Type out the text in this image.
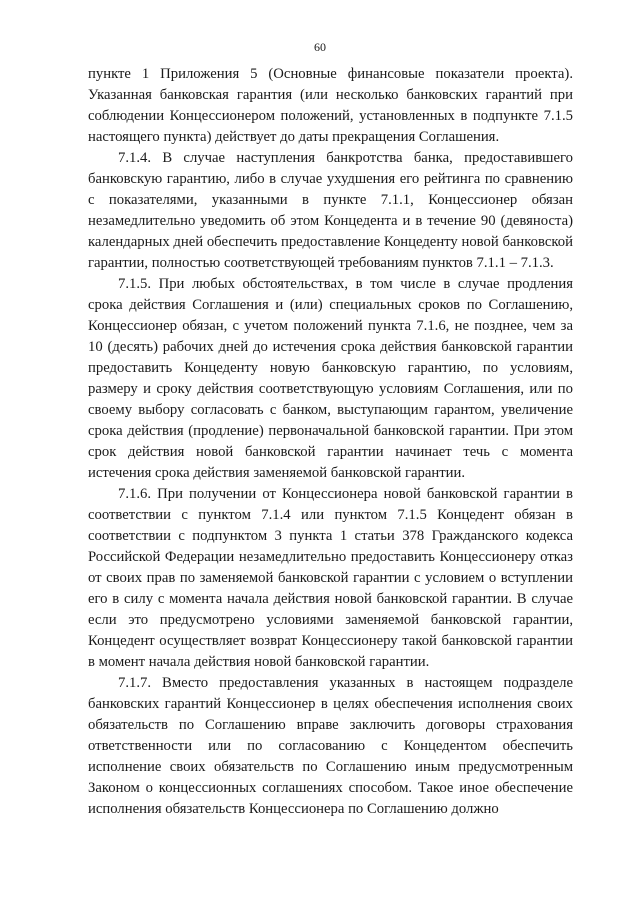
60

пункте 1 Приложения 5 (Основные финансовые показатели проекта). Указанная банковская гарантия (или несколько банковских гарантий при соблюдении Концессионером положений, установленных в подпункте 7.1.5 настоящего пункта) действует до даты прекращения Соглашения.

7.1.4. В случае наступления банкротства банка, предоставившего банковскую гарантию, либо в случае ухудшения его рейтинга по сравнению с показателями, указанными в пункте 7.1.1, Концессионер обязан незамедлительно уведомить об этом Концедента и в течение 90 (девяноста) календарных дней обеспечить предоставление Концеденту новой банковской гарантии, полностью соответствующей требованиям пунктов 7.1.1 – 7.1.3.

7.1.5. При любых обстоятельствах, в том числе в случае продления срока действия Соглашения и (или) специальных сроков по Соглашению, Концессионер обязан, с учетом положений пункта 7.1.6, не позднее, чем за 10 (десять) рабочих дней до истечения срока действия банковской гарантии предоставить Концеденту новую банковскую гарантию, по условиям, размеру и сроку действия соответствующую условиям Соглашения, или по своему выбору согласовать с банком, выступающим гарантом, увеличение срока действия (продление) первоначальной банковской гарантии. При этом срок действия новой банковской гарантии начинает течь с момента истечения срока действия заменяемой банковской гарантии.

7.1.6. При получении от Концессионера новой банковской гарантии в соответствии с пунктом 7.1.4 или пунктом 7.1.5 Концедент обязан в соответствии с подпунктом 3 пункта 1 статьи 378 Гражданского кодекса Российской Федерации незамедлительно предоставить Концессионеру отказ от своих прав по заменяемой банковской гарантии с условием о вступлении его в силу с момента начала действия новой банковской гарантии. В случае если это предусмотрено условиями заменяемой банковской гарантии, Концедент осуществляет возврат Концессионеру такой банковской гарантии в момент начала действия новой банковской гарантии.

7.1.7. Вместо предоставления указанных в настоящем подразделе банковских гарантий Концессионер в целях обеспечения исполнения своих обязательств по Соглашению вправе заключить договоры страхования ответственности или по согласованию с Концедентом обеспечить исполнение своих обязательств по Соглашению иным предусмотренным Законом о концессионных соглашениях способом. Такое иное обеспечение исполнения обязательств Концессионера по Соглашению должно
